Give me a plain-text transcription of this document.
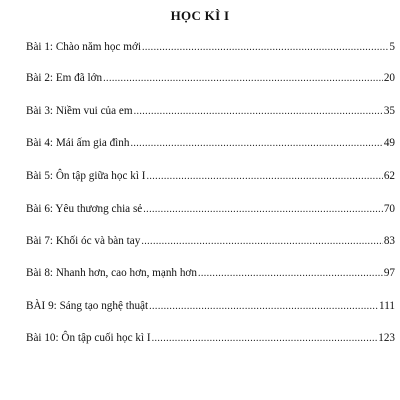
HỌC KÌ I
Bài 1: Chào năm học mới .....	5
Bài 2: Em đã lớn .....	20
Bài 3: Niềm vui của em .....	35
Bài 4: Mái ấm gia đình .....	49
Bài 5: Ôn tập giữa học kì I .....	62
Bài 6: Yêu thương chia sẻ .....	70
Bài 7: Khối óc và bàn tay .....	83
Bài 8: Nhanh hơn, cao hơn, mạnh hơn .....	97
BÀI 9: Sáng tạo nghệ thuật .....	111
Bài 10: Ôn tập cuối học kì I .....	123
